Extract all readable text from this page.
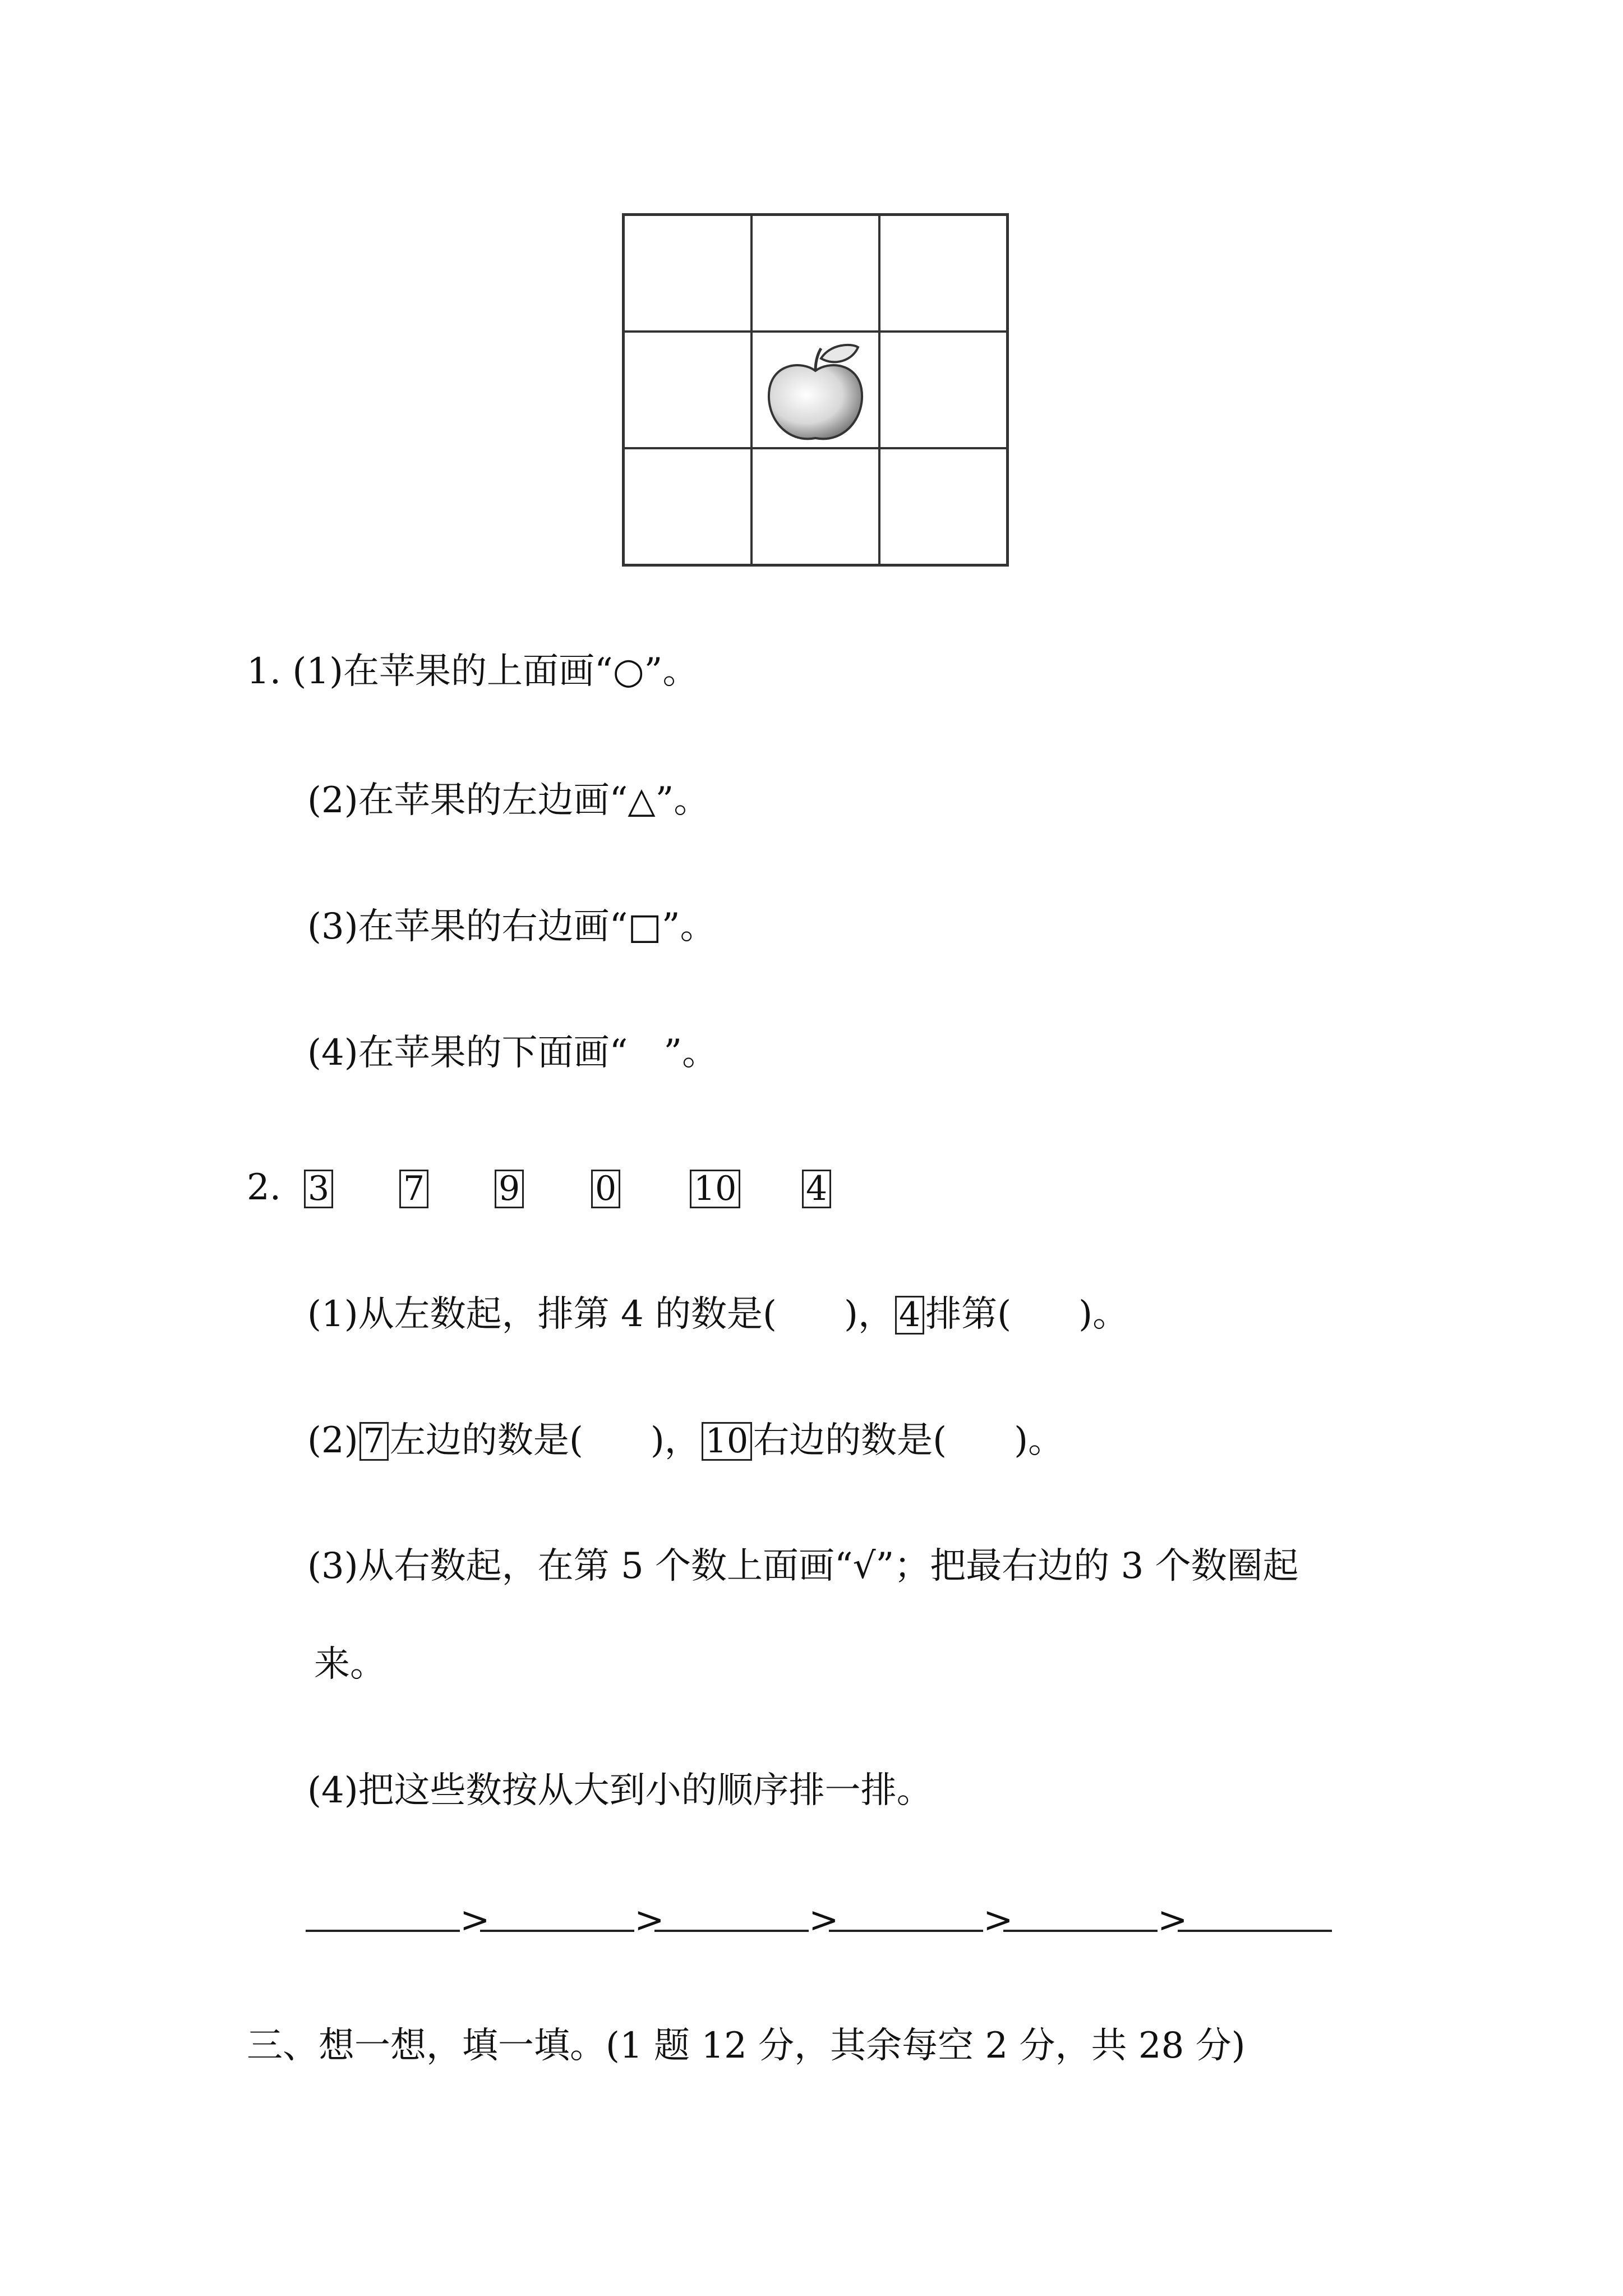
1. (1)在苹果的上面画“○”。
(2)在苹果的左边画“△”。
(3)在苹果的右边画“□”。
(4)在苹果的下面画“ ”。
2. 3 7 9 0 10 4
(1)从左数起，排第 4 的数是( )， 4 排第( )。
(2) 7 左边的数是( )， 10 右边的数是( )。
(3)从右数起，在第 5 个数上面画“√”；把最右边的 3 个数圈起
来。
(4)把这些数按从大到小的顺序排一排。
>	>	>	>	>
三、想一想，填一填。(1 题 12 分，其余每空 2 分，共 28 分)
